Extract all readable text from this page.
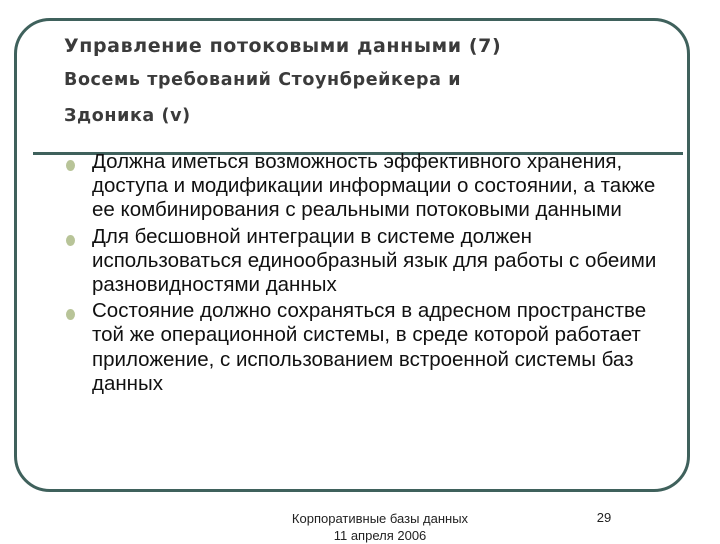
Управление потоковыми данными (7)
Восемь требований Стоунбрейкера и
Здоника (v)
Должна иметься возможность эффективного хранения, доступа и модификации информации о состоянии, а также ее комбинирования с реальными потоковыми данными
Для бесшовной интеграции в системе должен использоваться единообразный язык для работы с обеими разновидностями данных
Состояние должно сохраняться в адресном пространстве той же операционной системы, в среде которой работает приложение, с использованием встроенной системы баз данных
Корпоративные базы данных
11 апреля 2006
29
